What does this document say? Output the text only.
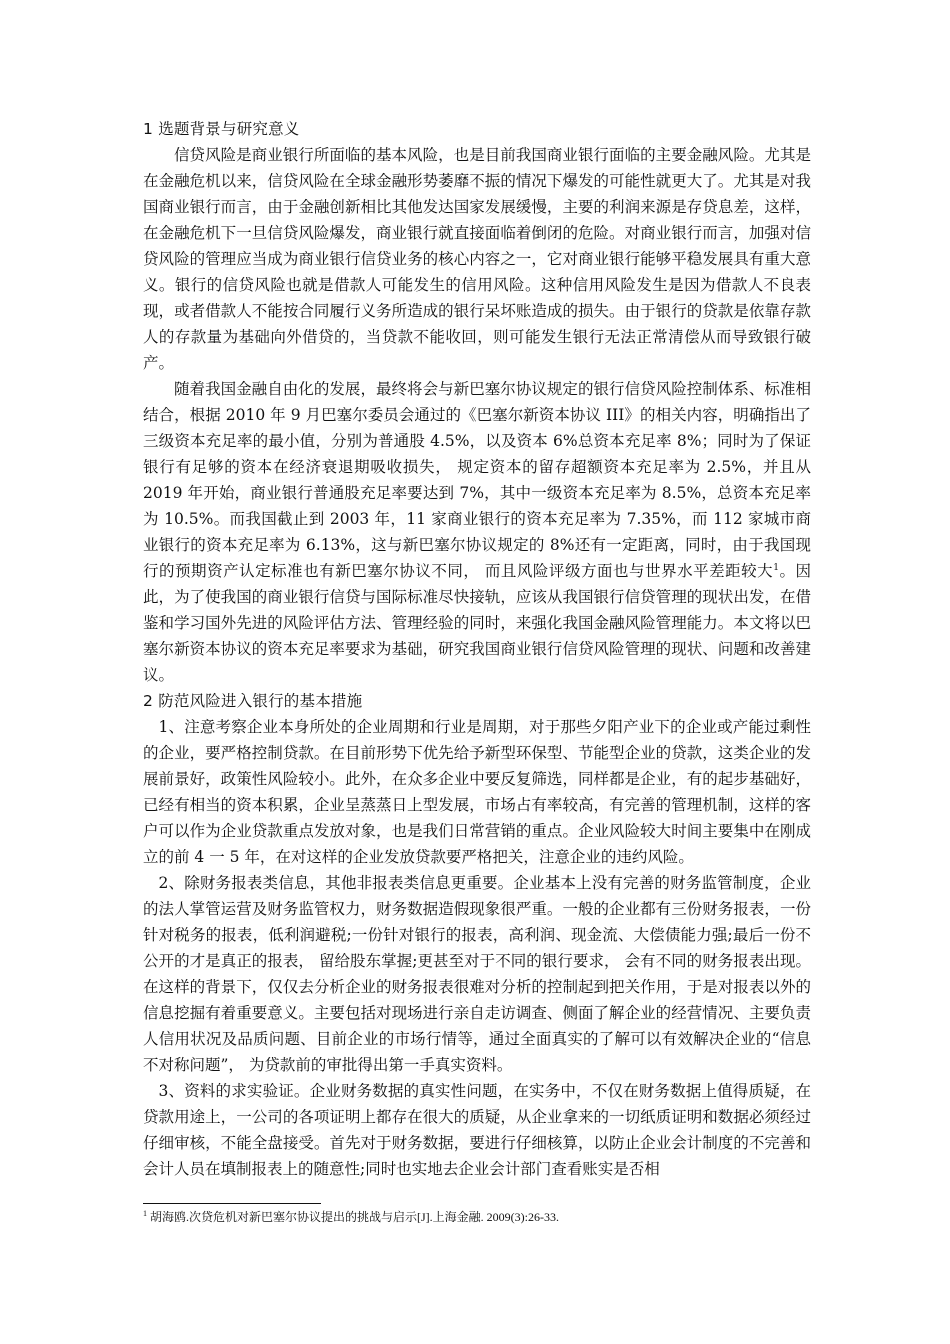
1 选题背景与研究意义

信贷风险是商业银行所面临的基本风险，也是目前我国商业银行面临的主要金融风险。尤其是在金融危机以来，信贷风险在全球金融形势萎靡不振的情况下爆发的可能性就更大了。尤其是对我国商业银行而言，由于金融创新相比其他发达国家发展缓慢，主要的利润来源是存贷息差，这样，在金融危机下一旦信贷风险爆发，商业银行就直接面临着倒闭的危险。对商业银行而言，加强对信贷风险的管理应当成为商业银行信贷业务的核心内容之一，它对商业银行能够平稳发展具有重大意义。银行的信贷风险也就是借款人可能发生的信用风险。这种信用风险发生是因为借款人不良表现，或者借款人不能按合同履行义务所造成的银行呆坏账造成的损失。由于银行的贷款是依靠存款人的存款量为基础向外借贷的，当贷款不能收回，则可能发生银行无法正常清偿从而导致银行破产。

随着我国金融自由化的发展，最终将会与新巴塞尔协议规定的银行信贷风险控制体系、标准相结合，根据 2010 年 9 月巴塞尔委员会通过的《巴塞尔新资本协议 III》的相关内容，明确指出了三级资本充足率的最小值，分别为普通股 4.5%，以及资本 6%总资本充足率 8%；同时为了保证银行有足够的资本在经济衰退期吸收损失， 规定资本的留存超额资本充足率为 2.5%，并且从 2019 年开始，商业银行普通股充足率要达到 7%，其中一级资本充足率为 8.5%，总资本充足率为 10.5%。而我国截止到 2003 年，11 家商业银行的资本充足率为 7.35%，而 112 家城市商业银行的资本充足率为 6.13%，这与新巴塞尔协议规定的 8%还有一定距离，同时，由于我国现行的预期资产认定标准也有新巴塞尔协议不同， 而且风险评级方面也与世界水平差距较大$^1$。因此，为了使我国的商业银行信贷与国际标准尽快接轨，应该从我国银行信贷管理的现状出发，在借鉴和学习国外先进的风险评估方法、管理经验的同时，来强化我国金融风险管理能力。本文将以巴塞尔新资本协议的资本充足率要求为基础，研究我国商业银行信贷风险管理的现状、问题和改善建议。

2 防范风险进入银行的基本措施

1、注意考察企业本身所处的企业周期和行业是周期，对于那些夕阳产业下的企业或产能过剩性的企业，要严格控制贷款。在目前形势下优先给予新型环保型、节能型企业的贷款，这类企业的发展前景好，政策性风险较小。此外，在众多企业中要反复筛选，同样都是企业，有的起步基础好，已经有相当的资本积累，企业呈蒸蒸日上型发展，市场占有率较高，有完善的管理机制，这样的客户可以作为企业贷款重点发放对象，也是我们日常营销的重点。企业风险较大时间主要集中在刚成立的前 4 一 5 年，在对这样的企业发放贷款要严格把关，注意企业的违约风险。

2、除财务报表类信息，其他非报表类信息更重要。企业基本上没有完善的财务监管制度，企业的法人掌管运营及财务监管权力，财务数据造假现象很严重。一般的企业都有三份财务报表，一份针对税务的报表，低利润避税;一份针对银行的报表，高利润、现金流、大偿债能力强;最后一份不公开的才是真正的报表， 留给股东掌握;更甚至对于不同的银行要求， 会有不同的财务报表出现。在这样的背景下，仅仅去分析企业的财务报表很难对分析的控制起到把关作用，于是对报表以外的信息挖掘有着重要意义。主要包括对现场进行亲自走访调查、侧面了解企业的经营情况、主要负责人信用状况及品质问题、目前企业的市场行情等，通过全面真实的了解可以有效解决企业的“信息不对称问题”， 为贷款前的审批得出第一手真实资料。

3、资料的求实验证。企业财务数据的真实性问题，在实务中，不仅在财务数据上值得质疑，在贷款用途上，一公司的各项证明上都存在很大的质疑，从企业拿来的一切纸质证明和数据必须经过仔细审核，不能全盘接受。首先对于财务数据，要进行仔细核算，以防止企业会计制度的不完善和会计人员在填制报表上的随意性;同时也实地去企业会计部门查看账实是否相

$^1$ 胡海鸥.次贷危机对新巴塞尔协议提出的挑战与启示[J].上海金融. 2009(3):26-33.
